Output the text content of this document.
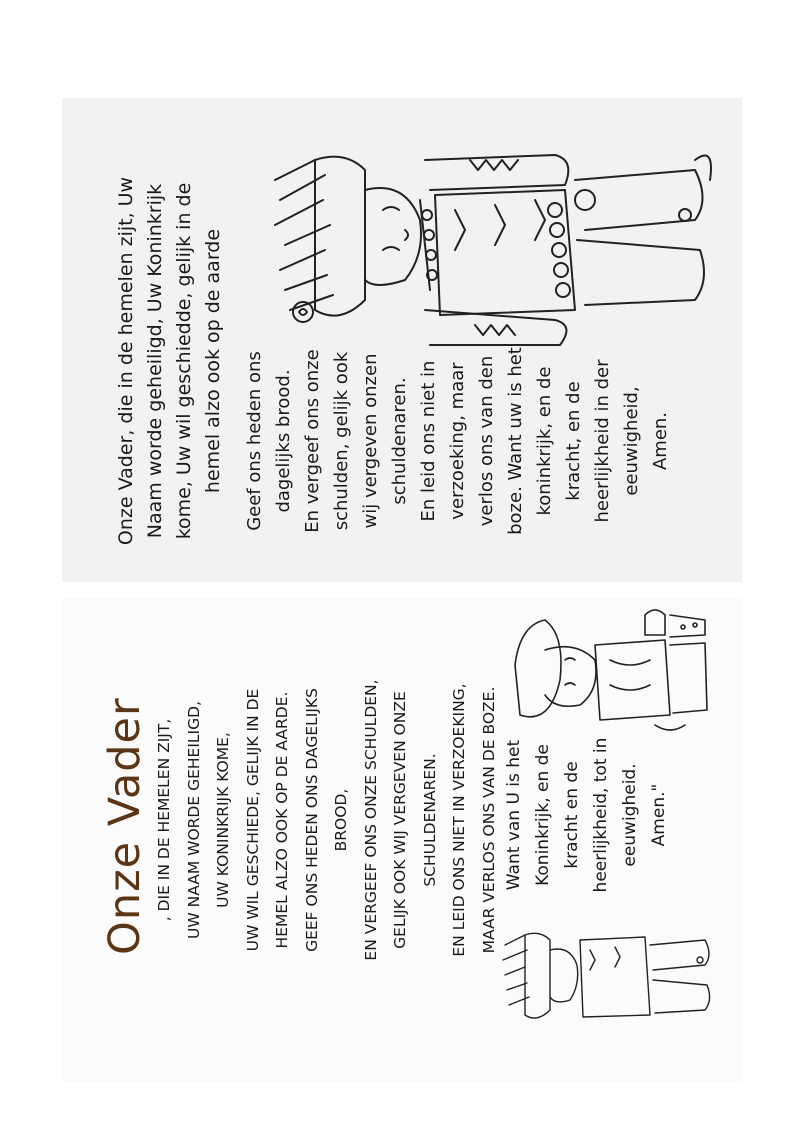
Onze Vader, die in de hemelen zijt, Uw Naam worde geheiligd, Uw Koninkrijk kome, Uw wil geschiedde, gelijk in de hemel alzo ook op de aarde Geef ons heden ons dagelijks brood. En vergeef ons onze schulden, gelijk ook wij vergeven onzen schuldenaren. En leid ons niet in verzoeking, maar verlos ons van den boze. Want uw is het koninkrijk, en de kracht, en de heerlijkheid in der eeuwigheid, Amen.
Onze Vader , DIE IN DE HEMELEN ZIJT, UW NAAM WORDE GEHEILIGD, UW KONINKRIJK KOME, UW WIL GESCHIEDE, GELIJK IN DE HEMEL ALZO OOK OP DE AARDE. GEEF ONS HEDEN ONS DAGELIJKS BROOD, EN VERGEEF ONS ONZE SCHULDEN, GELIJK OOK WIJ VERGEVEN ONZE SCHULDENAREN. EN LEID ONS NIET IN VERZOEKING, MAAR VERLOS ONS VAN DE BOZE. Want van U is het Koninkrijk, en de kracht en de heerlijkheid, tot in eeuwigheid. Amen."
